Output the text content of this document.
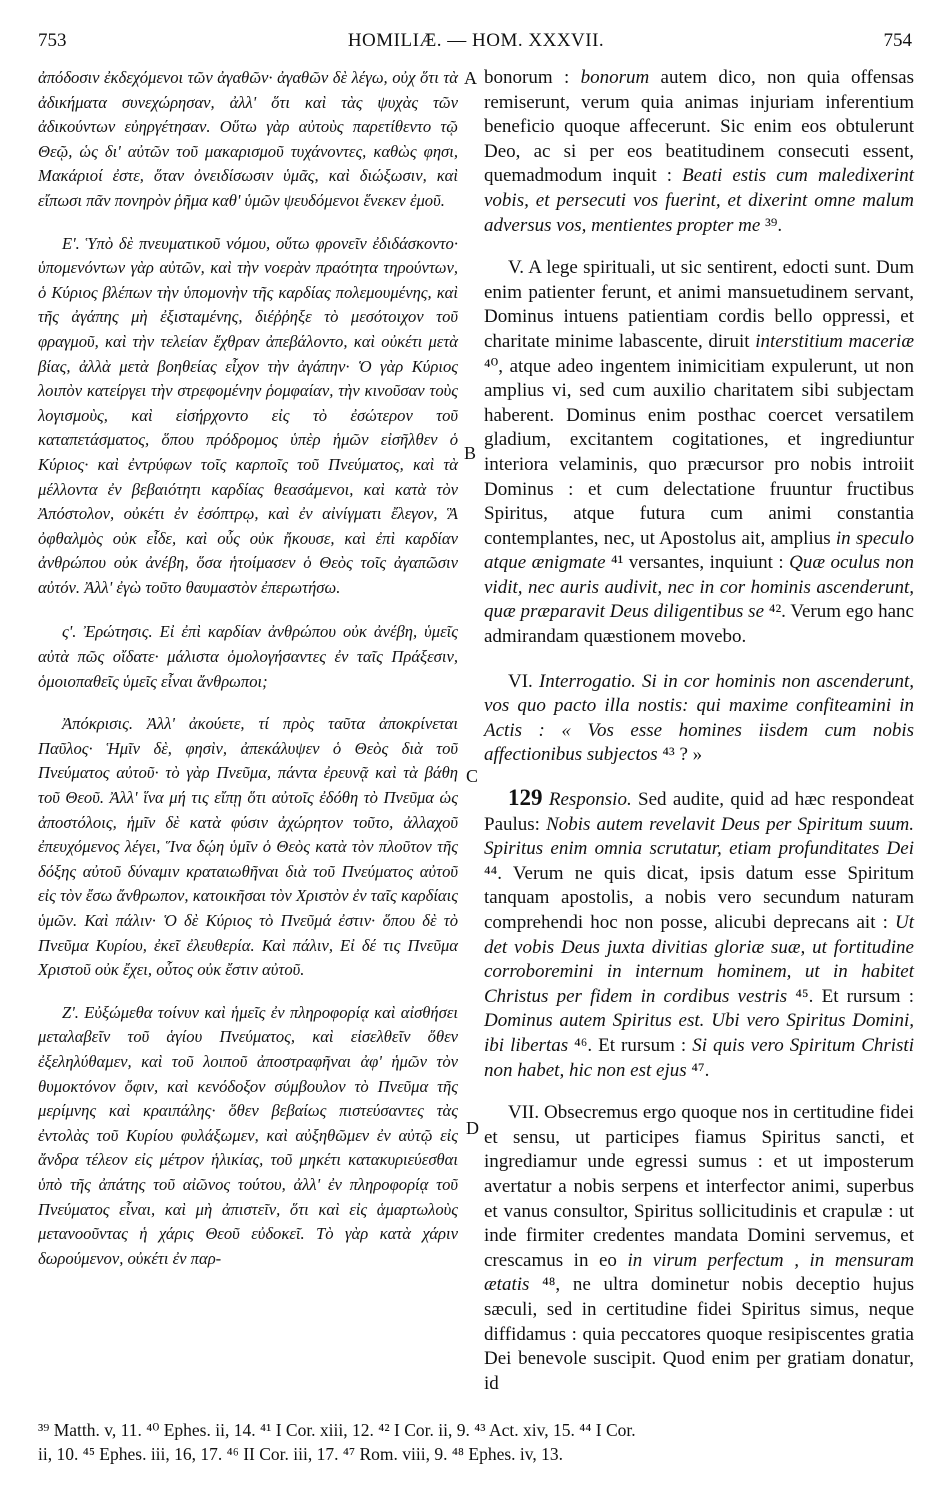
753	HOMILIÆ. — HOM. XXXVII.	754
A
B
C
D

ἀπόδοσιν ἐκδεχόμενοι τῶν ἀγαθῶν· ἀγαθῶν δὲ λέγω, οὐχ ὅτι τὰ ἀδικήματα συνεχώρησαν, ἀλλ' ὅτι καὶ τὰς ψυχὰς τῶν ἀδικούντων εὐηργέτησαν. Οὕτω γὰρ αὐτοὺς παρετίθεντο τῷ Θεῷ, ὡς δι' αὐτῶν τοῦ μακαρισμοῦ τυχάνοντες, καθὼς φησι, Μακάριοί ἐστε, ὅταν ὀνειδίσωσιν ὑμᾶς, καὶ διώξωσιν, καὶ εἴπωσι πᾶν πονηρὸν ῥῆμα καθ' ὑμῶν ψευδόμενοι ἕνεκεν ἐμοῦ.

Ε'. Ὑπὸ δὲ πνευματικοῦ νόμου, οὕτω φρονεῖν ἐδιδάσκοντο· ὑπομενόντων γὰρ αὐτῶν, καὶ τὴν νοερὰν πραότητα τηρούντων, ὁ Κύριος βλέπων τὴν ὑπομονὴν τῆς καρδίας πολεμουμένης, καὶ τῆς ἀγάπης μὴ ἐξισταμένης, διέῤῥηξε τὸ μεσότοιχον τοῦ φραγμοῦ, καὶ τὴν τελείαν ἔχθραν ἀπεβάλοντο, καὶ οὐκέτι μετὰ βίας, ἀλλὰ μετὰ βοηθείας εἶχον τὴν ἀγάπην· Ὁ γὰρ Κύριος λοιπὸν κατείργει τὴν στρεφομένην ῥομφαίαν, τὴν κινοῦσαν τοὺς λογισμοὺς, καὶ εἰσήρχοντο εἰς τὸ ἐσώτερον τοῦ καταπετάσματος, ὅπου πρόδρομος ὑπὲρ ἡμῶν εἰσῆλθεν ὁ Κύριος· καὶ ἐντρύφων τοῖς καρποῖς τοῦ Πνεύματος, καὶ τὰ μέλλοντα ἐν βεβαιότητι καρδίας θεασάμενοι, καὶ κατὰ τὸν Ἀπόστολον, οὐκέτι ἐν ἐσόπτρῳ, καὶ ἐν αἰνίγματι ἔλεγον, Ἃ ὀφθαλμὸς οὐκ εἶδε, καὶ οὖς οὐκ ἤκουσε, καὶ ἐπὶ καρδίαν ἀνθρώπου οὐκ ἀνέβη, ὅσα ἡτοίμασεν ὁ Θεὸς τοῖς ἀγαπῶσιν αὐτόν. Ἀλλ' ἐγὼ τοῦτο θαυμαστὸν ἐπερωτήσω.

ς'. Ἐρώτησις. Εἰ ἐπὶ καρδίαν ἀνθρώπου οὐκ ἀνέβη, ὑμεῖς αὐτὰ πῶς οἴδατε· μάλιστα ὁμολογήσαντες ἐν ταῖς Πράξεσιν, ὁμοιοπαθεῖς ὑμεῖς εἶναι ἄνθρωποι;

Ἀπόκρισις. Ἀλλ' ἀκούετε, τί πρὸς ταῦτα ἀποκρίνεται Παῦλος· Ἡμῖν δὲ, φησὶν, ἀπεκάλυψεν ὁ Θεὸς διὰ τοῦ Πνεύματος αὐτοῦ· τὸ γὰρ Πνεῦμα, πάντα ἐρευνᾷ καὶ τὰ βάθη τοῦ Θεοῦ. Ἀλλ' ἵνα μή τις εἴπῃ ὅτι αὐτοῖς ἐδόθη τὸ Πνεῦμα ὡς ἀποστόλοις, ἡμῖν δὲ κατὰ φύσιν ἀχώρητον τοῦτο, ἀλλαχοῦ ἐπευχόμενος λέγει, Ἵνα δῴη ὑμῖν ὁ Θεὸς κατὰ τὸν πλοῦτον τῆς δόξης αὐτοῦ δύναμιν κραταιωθῆναι διὰ τοῦ Πνεύματος αὐτοῦ εἰς τὸν ἔσω ἄνθρωπον, κατοικῆσαι τὸν Χριστὸν ἐν ταῖς καρδίαις ὑμῶν. Καὶ πάλιν· Ὁ δὲ Κύριος τὸ Πνεῦμά ἐστιν· ὅπου δὲ τὸ Πνεῦμα Κυρίου, ἐκεῖ ἐλευθερία. Καὶ πάλιν, Εἰ δέ τις Πνεῦμα Χριστοῦ οὐκ ἔχει, οὗτος οὐκ ἔστιν αὐτοῦ.

Ζ'. Εὐξώμεθα τοίνυν καὶ ἡμεῖς ἐν πληροφορίᾳ καὶ αἰσθήσει μεταλαβεῖν τοῦ ἁγίου Πνεύματος, καὶ εἰσελθεῖν ὅθεν ἐξεληλύθαμεν, καὶ τοῦ λοιποῦ ἀποστραφῆναι ἀφ' ἡμῶν τὸν θυμοκτόνον ὄφιν, καὶ κενόδοξον σύμβουλον τὸ Πνεῦμα τῆς μερίμνης καὶ κραιπάλης· ὅθεν βεβαίως πιστεύσαντες τὰς ἐντολὰς τοῦ Κυρίου φυλάξωμεν, καὶ αὐξηθῶμεν ἐν αὐτῷ εἰς ἄνδρα τέλεον εἰς μέτρον ἡλικίας, τοῦ μηκέτι κατακυριεύεσθαι ὑπὸ τῆς ἀπάτης τοῦ αἰῶνος τούτου, ἀλλ' ἐν πληροφορίᾳ τοῦ Πνεύματος εἶναι, καὶ μὴ ἀπιστεῖν, ὅτι καὶ εἰς ἁμαρτωλοὺς μετανοοῦντας ἡ χάρις Θεοῦ εὐδοκεῖ. Τὸ γὰρ κατὰ χάριν δωρούμενον, οὐκέτι ἐν παρ-

bonorum : bonorum autem dico, non quia offensas remiserunt, verum quia animas injuriam inferentium beneficio quoque affecerunt. Sic enim eos obtulerunt Deo, ac si per eos beatitudinem consecuti essent, quemadmodum inquit : Beati estis cum maledixerint vobis, et persecuti vos fuerint, et dixerint omne malum adversus vos, mentientes propter me ³⁹.

V. A lege spirituali, ut sic sentirent, edocti sunt. Dum enim patienter ferunt, et animi mansuetudinem servant, Dominus intuens patientiam cordis bello oppressi, et charitate minime labascente, diruit interstitium maceriæ ⁴⁰, atque adeo ingentem inimicitiam expulerunt, ut non amplius vi, sed cum auxilio charitatem sibi subjectam haberent. Dominus enim posthac coercet versatilem gladium, excitantem cogitationes, et ingrediuntur interiora velaminis, quo præcursor pro nobis introiit Dominus : et cum delectatione fruuntur fructibus Spiritus, atque futura cum animi constantia contemplantes, nec, ut Apostolus ait, amplius in speculo atque ænigmate ⁴¹ versantes, inquiunt : Quæ oculus non vidit, nec auris audivit, nec in cor hominis ascenderunt, quæ præparavit Deus diligentibus se ⁴². Verum ego hanc admirandam quæstionem movebo.

VI. Interrogatio. Si in cor hominis non ascenderunt, vos quo pacto illa nostis: qui maxime confiteamini in Actis : « Vos esse homines iisdem cum nobis affectionibus subjectos ⁴³ ? »

129 Responsio. Sed audite, quid ad hæc respondeat Paulus: Nobis autem revelavit Deus per Spiritum suum. Spiritus enim omnia scrutatur, etiam profunditates Dei ⁴⁴. Verum ne quis dicat, ipsis datum esse Spiritum tanquam apostolis, a nobis vero secundum naturam comprehendi hoc non posse, alicubi deprecans ait : Ut det vobis Deus juxta divitias gloriæ suæ, ut fortitudine corroboremini in internum hominem, ut in habitet Christus per fidem in cordibus vestris ⁴⁵. Et rursum : Dominus autem Spiritus est. Ubi vero Spiritus Domini, ibi libertas ⁴⁶. Et rursum : Si quis vero Spiritum Christi non habet, hic non est ejus ⁴⁷.

VII. Obsecremus ergo quoque nos in certitudine fidei et sensu, ut participes fiamus Spiritus sancti, et ingrediamur unde egressi sumus : et ut imposterum avertatur a nobis serpens et interfector animi, superbus et vanus consultor, Spiritus sollicitudinis et crapulæ : ut inde firmiter credentes mandata Domini servemus, et crescamus in eo in virum perfectum , in mensuram ætatis ⁴⁸, ne ultra dominetur nobis deceptio hujus sæculi, sed in certitudine fidei Spiritus simus, neque diffidamus : quia peccatores quoque resipiscentes gratia Dei benevole suscipit. Quod enim per gratiam donatur, id

³⁹ Matth. v, 11. ⁴⁰ Ephes. ii, 14. ⁴¹ I Cor. xiii, 12. ⁴² I Cor. ii, 9. ⁴³ Act. xiv, 15. ⁴⁴ I Cor.

ii, 10. ⁴⁵ Ephes. iii, 16, 17. ⁴⁶ II Cor. iii, 17. ⁴⁷ Rom. viii, 9. ⁴⁸ Ephes. iv, 13.
